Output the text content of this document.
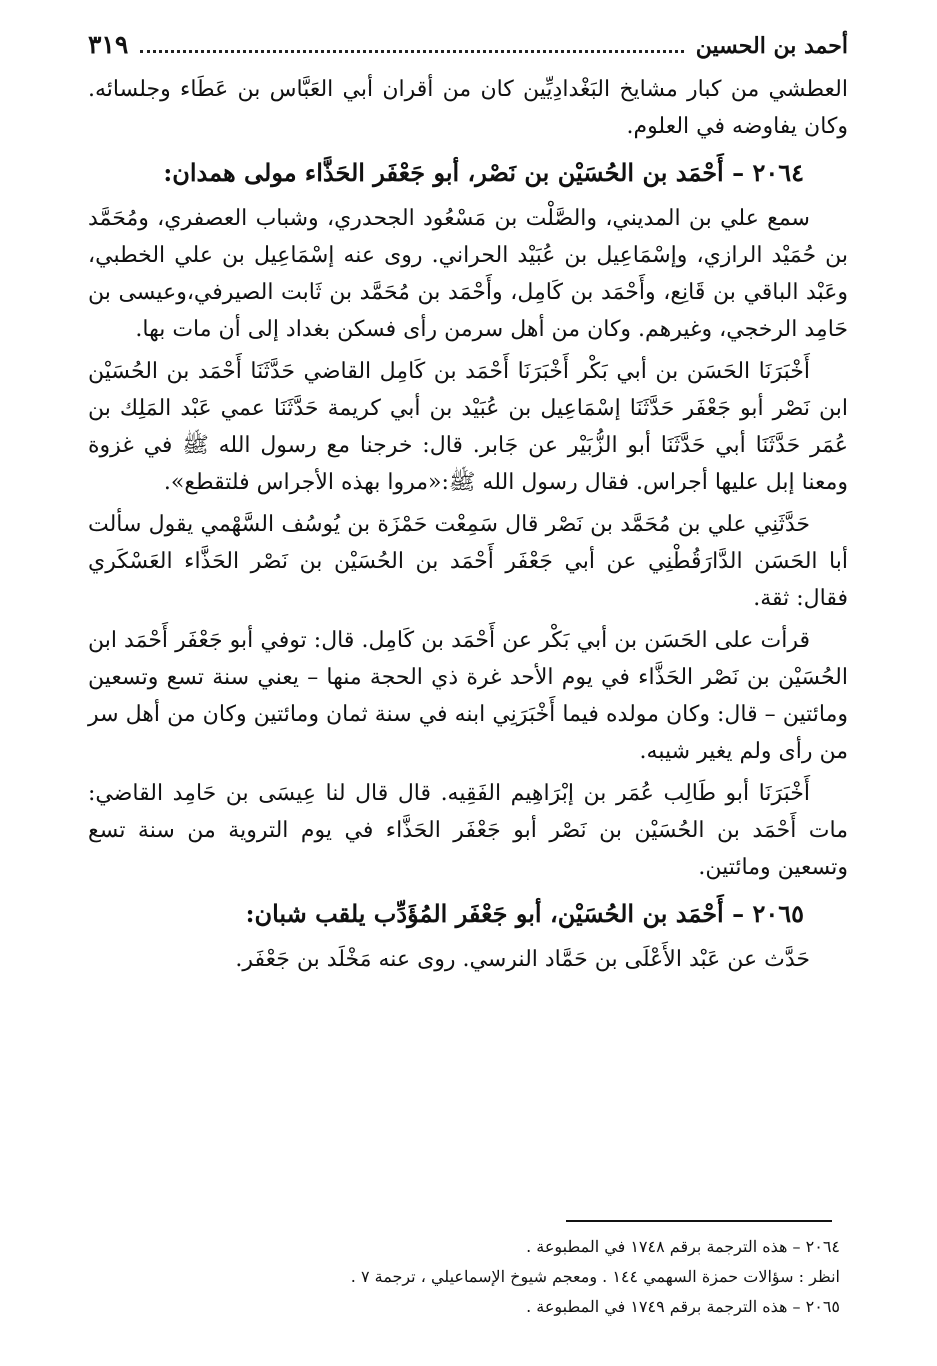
أحمد بن الحسين
٣١٩

العطشي من كبار مشايخ البَغْدادِيِّين كان من أقران أبي العَبَّاس بن عَطَاء وجلسائه. وكان يفاوضه في العلوم.

٢٠٦٤ – أَحْمَد بن الحُسَيْن بن نَصْر، أبو جَعْفَر الحَذَّاء مولى همدان:

سمع علي بن المديني، والصَّلْت بن مَسْعُود الجحدري، وشباب العصفري، ومُحَمَّد بن حُمَيْد الرازي، وإسْمَاعِيل بن عُبَيْد الحراني. روى عنه إسْمَاعِيل بن علي الخطبي، وعَبْد الباقي بن قَانِع، وأَحْمَد بن كَامِل، وأَحْمَد بن مُحَمَّد بن ثَابت الصيرفي،وعيسى بن حَامِد الرخجي، وغيرهم. وكان من أهل سرمن رأى فسكن بغداد إلى أن مات بها.

أَخْبَرَنَا الحَسَن بن أبي بَكْر أَخْبَرَنَا أَحْمَد بن كَامِل القاضي حَدَّثَنَا أَحْمَد بن الحُسَيْن ابن نَصْر أبو جَعْفَر حَدَّثَنَا إسْمَاعِيل بن عُبَيْد بن أبي كريمة حَدَّثَنَا عمي عَبْد المَلِك بن عُمَر حَدَّثَنَا أبي حَدَّثَنَا أبو الزُّبَيْر عن جَابر. قال: خرجنا مع رسول الله ﷺ في غزوة ومعنا إبل عليها أجراس. فقال رسول الله ﷺ:«مروا بهذه الأجراس فلتقطع».

حَدَّثَنِي علي بن مُحَمَّد بن نَصْر قال سَمِعْت حَمْزَة بن يُوسُف السَّهْمي يقول سألت أبا الحَسَن الدَّارَقُطْنِي عن أبي جَعْفَر أَحْمَد بن الحُسَيْن بن نَصْر الحَذَّاء العَسْكَري فقال: ثقة.

قرأت على الحَسَن بن أبي بَكْر عن أَحْمَد بن كَامِل. قال: توفي أبو جَعْفَر أَحْمَد ابن الحُسَيْن بن نَصْر الحَذَّاء في يوم الأحد غرة ذي الحجة منها – يعني سنة تسع وتسعين ومائتين – قال: وكان مولده فيما أَخْبَرَنِي ابنه في سنة ثمان ومائتين وكان من أهل سر من رأى ولم يغير شيبه.

أَخْبَرَنَا أبو طَالِب عُمَر بن إبْرَاهِيم الفَقِيه. قال قال لنا عِيسَى بن حَامِد القاضي: مات أَحْمَد بن الحُسَيْن بن نَصْر أبو جَعْفَر الحَذَّاء في يوم التروية من سنة تسع وتسعين ومائتين.

٢٠٦٥ – أَحْمَد بن الحُسَيْن، أبو جَعْفَر المُؤَدِّب يلقب شبان:

حَدَّث عن عَبْد الأَعْلَى بن حَمَّاد النرسي. روى عنه مَخْلَد بن جَعْفَر.

٢٠٦٤ – هذه الترجمة برقم ١٧٤٨ في المطبوعة .

انظر : سؤالات حمزة السهمي ١٤٤ . ومعجم شيوخ الإسماعيلي ، ترجمة ٧ .

٢٠٦٥ – هذه الترجمة برقم ١٧٤٩ في المطبوعة .
